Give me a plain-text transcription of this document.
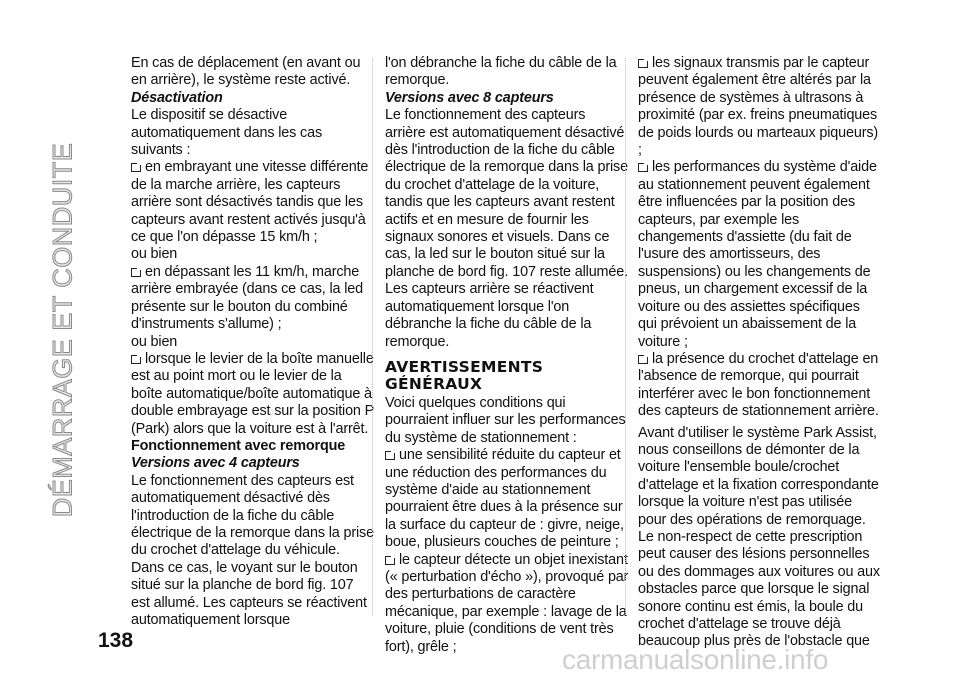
DÉMARRAGE ET CONDUITE

En cas de déplacement (en avant ou en arrière), le système reste activé.

Désactivation

Le dispositif se désactive automatiquement dans les cas suivants :

en embrayant une vitesse différente de la marche arrière, les capteurs arrière sont désactivés tandis que les capteurs avant restent activés jusqu'à ce que l'on dépasse 15 km/h ;

ou bien

en dépassant les 11 km/h, marche arrière embrayée (dans ce cas, la led présente sur le bouton du combiné d'instruments s'allume) ;

ou bien

lorsque le levier de la boîte manuelle est au point mort ou le levier de la boîte automatique/boîte automatique à double embrayage est sur la position P (Park) alors que la voiture est à l'arrêt.

Fonctionnement avec remorque

Versions avec 4 capteurs

Le fonctionnement des capteurs est automatiquement désactivé dès l'introduction de la fiche du câble électrique de la remorque dans la prise du crochet d'attelage du véhicule. Dans ce cas, le voyant sur le bouton situé sur la planche de bord fig. 107 est allumé. Les capteurs se réactivent automatiquement lorsque

l'on débranche la fiche du câble de la remorque.

Versions avec 8 capteurs

Le fonctionnement des capteurs arrière est automatiquement désactivé dès l'introduction de la fiche du câble électrique de la remorque dans la prise du crochet d'attelage de la voiture, tandis que les capteurs avant restent actifs et en mesure de fournir les signaux sonores et visuels. Dans ce cas, la led sur le bouton situé sur la planche de bord fig. 107 reste allumée. Les capteurs arrière se réactivent automatiquement lorsque l'on débranche la fiche du câble de la remorque.

AVERTISSEMENTS GÉNÉRAUX

Voici quelques conditions qui pourraient influer sur les performances du système de stationnement :

une sensibilité réduite du capteur et une réduction des performances du système d'aide au stationnement pourraient être dues à la présence sur la surface du capteur de : givre, neige, boue, plusieurs couches de peinture ;

le capteur détecte un objet inexistant (« perturbation d'écho »), provoqué par des perturbations de caractère mécanique, par exemple : lavage de la voiture, pluie (conditions de vent très fort), grêle ;

les signaux transmis par le capteur peuvent également être altérés par la présence de systèmes à ultrasons à proximité (par ex. freins pneumatiques de poids lourds ou marteaux piqueurs) ;

les performances du système d'aide au stationnement peuvent également être influencées par la position des capteurs, par exemple les changements d'assiette (du fait de l'usure des amortisseurs, des suspensions) ou les changements de pneus, un chargement excessif de la voiture ou des assiettes spécifiques qui prévoient un abaissement de la voiture ;

la présence du crochet d'attelage en l'absence de remorque, qui pourrait interférer avec le bon fonctionnement des capteurs de stationnement arrière.

Avant d'utiliser le système Park Assist, nous conseillons de démonter de la voiture l'ensemble boule/crochet d'attelage et la fixation correspondante lorsque la voiture n'est pas utilisée pour des opérations de remorquage. Le non-respect de cette prescription peut causer des lésions personnelles ou des dommages aux voitures ou aux obstacles parce que lorsque le signal sonore continu est émis, la boule du crochet d'attelage se trouve déjà beaucoup plus près de l'obstacle que

138
carmanualsonline.info
